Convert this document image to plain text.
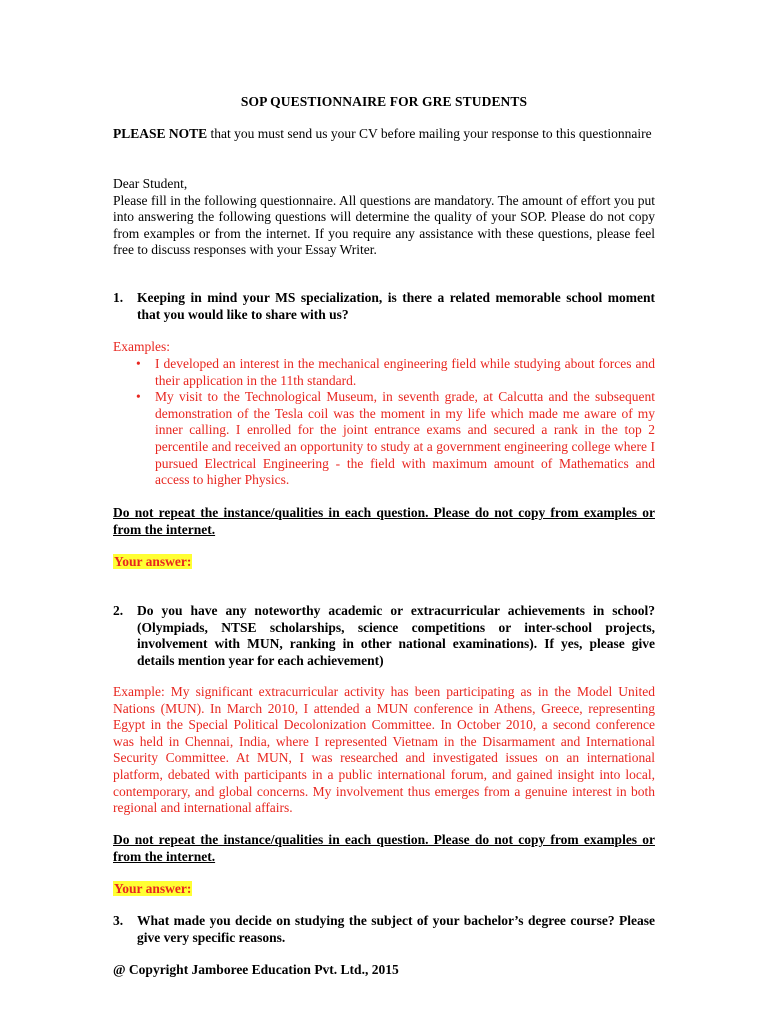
SOP QUESTIONNAIRE FOR GRE STUDENTS

PLEASE NOTE that you must send us your CV before mailing your response to this questionnaire

Dear Student,

Please fill in the following questionnaire. All questions are mandatory. The amount of effort you put into answering the following questions will determine the quality of your SOP. Please do not copy from examples or from the internet. If you require any assistance with these questions, please feel free to discuss responses with your Essay Writer.

1.	Keeping in mind your MS specialization, is there a related memorable school moment that you would like to share with us?

Examples:

• I developed an interest in the mechanical engineering field while studying about forces and their application in the 11th standard.
• My visit to the Technological Museum, in seventh grade, at Calcutta and the subsequent demonstration of the Tesla coil was the moment in my life which made me aware of my inner calling. I enrolled for the joint entrance exams and secured a rank in the top 2 percentile and received an opportunity to study at a government engineering college where I pursued Electrical Engineering - the field with maximum amount of Mathematics and access to higher Physics.

Do not repeat the instance/qualities in each question. Please do not copy from examples or from the internet.

Your answer:

2.	Do you have any noteworthy academic or extracurricular achievements in school? (Olympiads, NTSE scholarships, science competitions or inter-school projects, involvement with MUN, ranking in other national examinations). If yes, please give details mention year for each achievement)

Example: My significant extracurricular activity has been participating as in the Model United Nations (MUN). In March 2010, I attended a MUN conference in Athens, Greece, representing Egypt in the Special Political Decolonization Committee. In October 2010, a second conference was held in Chennai, India, where I represented Vietnam in the Disarmament and International Security Committee. At MUN, I was researched and investigated issues on an international platform, debated with participants in a public international forum, and gained insight into local, contemporary, and global concerns. My involvement thus emerges from a genuine interest in both regional and international affairs.

Do not repeat the instance/qualities in each question. Please do not copy from examples or from the internet.

Your answer:

3.	What made you decide on studying the subject of your bachelor’s degree course? Please give very specific reasons.
@ Copyright Jamboree Education Pvt. Ltd., 2015
